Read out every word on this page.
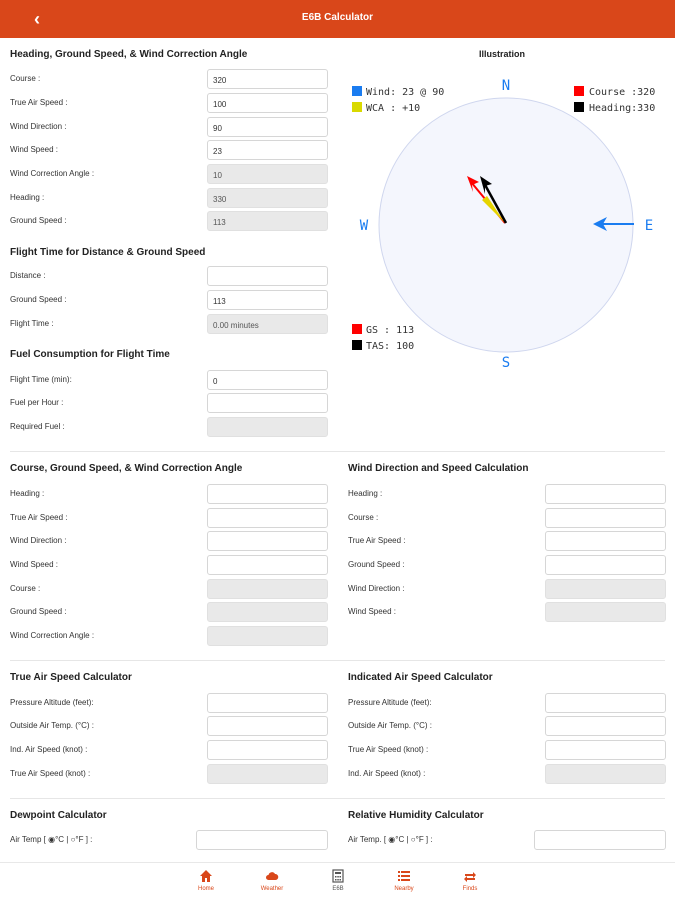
‹	E6B Calculator
Heading, Ground Speed, & Wind Correction Angle
Course :	320
True Air Speed :	100
Wind Direction :	90
Wind Speed :	23
Wind Correction Angle :	10
Heading :	330
Ground Speed :	113
Illustration
N
E
S
W
Wind: 23 @ 90
WCA : +10
Course :320
Heading:330
GS : 113
TAS: 100
Flight Time for Distance & Ground Speed
Distance :
Ground Speed :	113
Flight Time :	0.00 minutes
Fuel Consumption for Flight Time
Flight Time (min):	0
Fuel per Hour :
Required Fuel :
Course, Ground Speed, & Wind Correction Angle
Heading :
True Air Speed :
Wind Direction :
Wind Speed :
Course :
Ground Speed :
Wind Correction Angle :
Wind Direction and Speed Calculation
Heading :
Course :
True Air Speed :
Ground Speed :
Wind Direction :
Wind Speed :
True Air Speed Calculator
Pressure Altitude (feet):
Outside Air Temp. (°C) :
Ind. Air Speed (knot) :
True Air Speed (knot) :
Indicated Air Speed Calculator
Pressure Altitude (feet):
Outside Air Temp. (°C) :
True Air Speed (knot) :
Ind. Air Speed (knot) :
Dewpoint Calculator
Air Temp [ ◉°C | ○°F ] :
Relative Humidity Calculator
Air Temp. [ ◉°C | ○°F ] :
Home	Weather	E6B	Nearby	Finds
